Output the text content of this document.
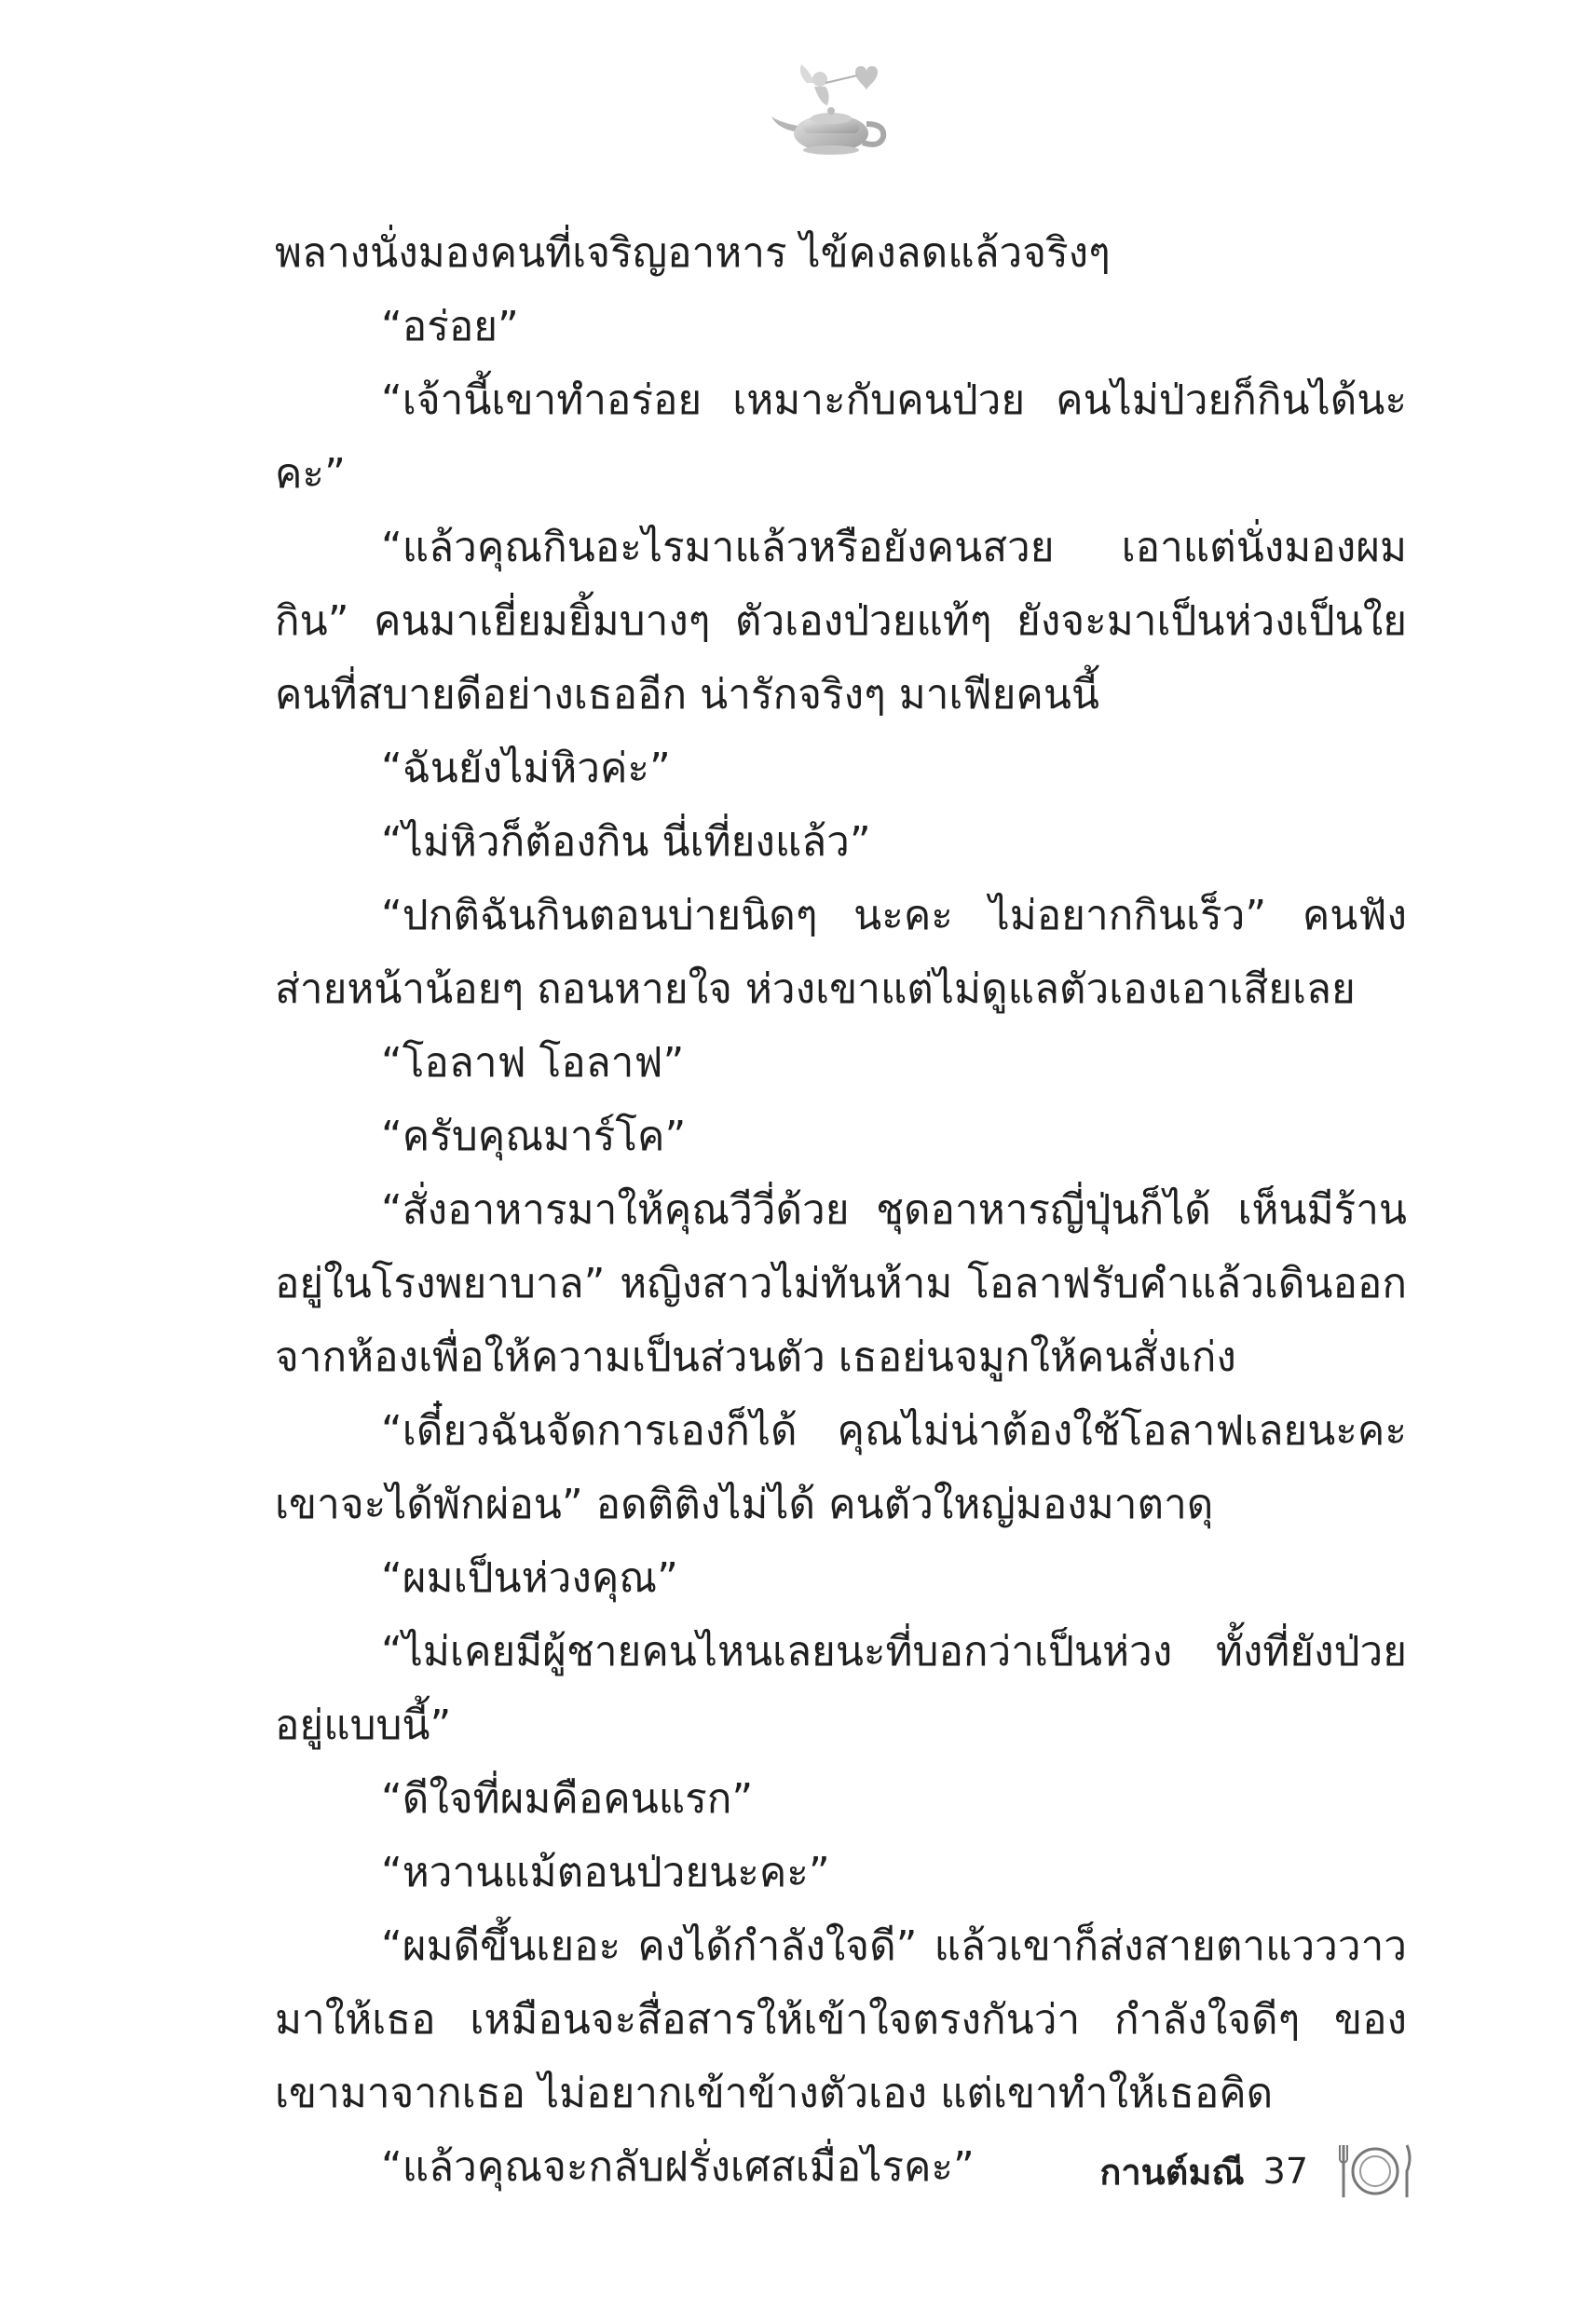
พลางนั่งมองคนที่เจริญอาหาร ไข้คงลดแล้วจริงๆ

“อร่อย”

“เจ้านี้เขาทำอร่อย เหมาะกับคนป่วย คนไม่ป่วยก็กินได้นะคะ”

“แล้วคุณกินอะไรมาแล้วหรือยังคนสวย เอาแต่นั่งมองผมกิน” คนมาเยี่ยมยิ้มบางๆ ตัวเองป่วยแท้ๆ ยังจะมาเป็นห่วงเป็นใยคนที่สบายดีอย่างเธออีก น่ารักจริงๆ มาเฟียคนนี้

“ฉันยังไม่หิวค่ะ”

“ไม่หิวก็ต้องกิน นี่เที่ยงแล้ว”

“ปกติฉันกินตอนบ่ายนิดๆ นะคะ ไม่อยากกินเร็ว” คนฟังส่ายหน้าน้อยๆ ถอนหายใจ ห่วงเขาแต่ไม่ดูแลตัวเองเอาเสียเลย

“โอลาฟ โอลาฟ”

“ครับคุณมาร์โค”

“สั่งอาหารมาให้คุณวีวี่ด้วย ชุดอาหารญี่ปุ่นก็ได้ เห็นมีร้านอยู่ในโรงพยาบาล” หญิงสาวไม่ทันห้าม โอลาฟรับคำแล้วเดินออกจากห้องเพื่อให้ความเป็นส่วนตัว เธอย่นจมูกให้คนสั่งเก่ง

“เดี๋ยวฉันจัดการเองก็ได้ คุณไม่น่าต้องใช้โอลาฟเลยนะคะ เขาจะได้พักผ่อน” อดติติงไม่ได้ คนตัวใหญ่มองมาตาดุ

“ผมเป็นห่วงคุณ”

“ไม่เคยมีผู้ชายคนไหนเลยนะที่บอกว่าเป็นห่วง ทั้งที่ยังป่วยอยู่แบบนี้”

“ดีใจที่ผมคือคนแรก”

“หวานแม้ตอนป่วยนะคะ”

“ผมดีขึ้นเยอะ คงได้กำลังใจดี” แล้วเขาก็ส่งสายตาแวววาวมาให้เธอ เหมือนจะสื่อสารให้เข้าใจตรงกันว่า กำลังใจดีๆ ของเขามาจากเธอ ไม่อยากเข้าข้างตัวเอง แต่เขาทำให้เธอคิด

“แล้วคุณจะกลับฝรั่งเศสเมื่อไรคะ”	กานต์มณี 37
